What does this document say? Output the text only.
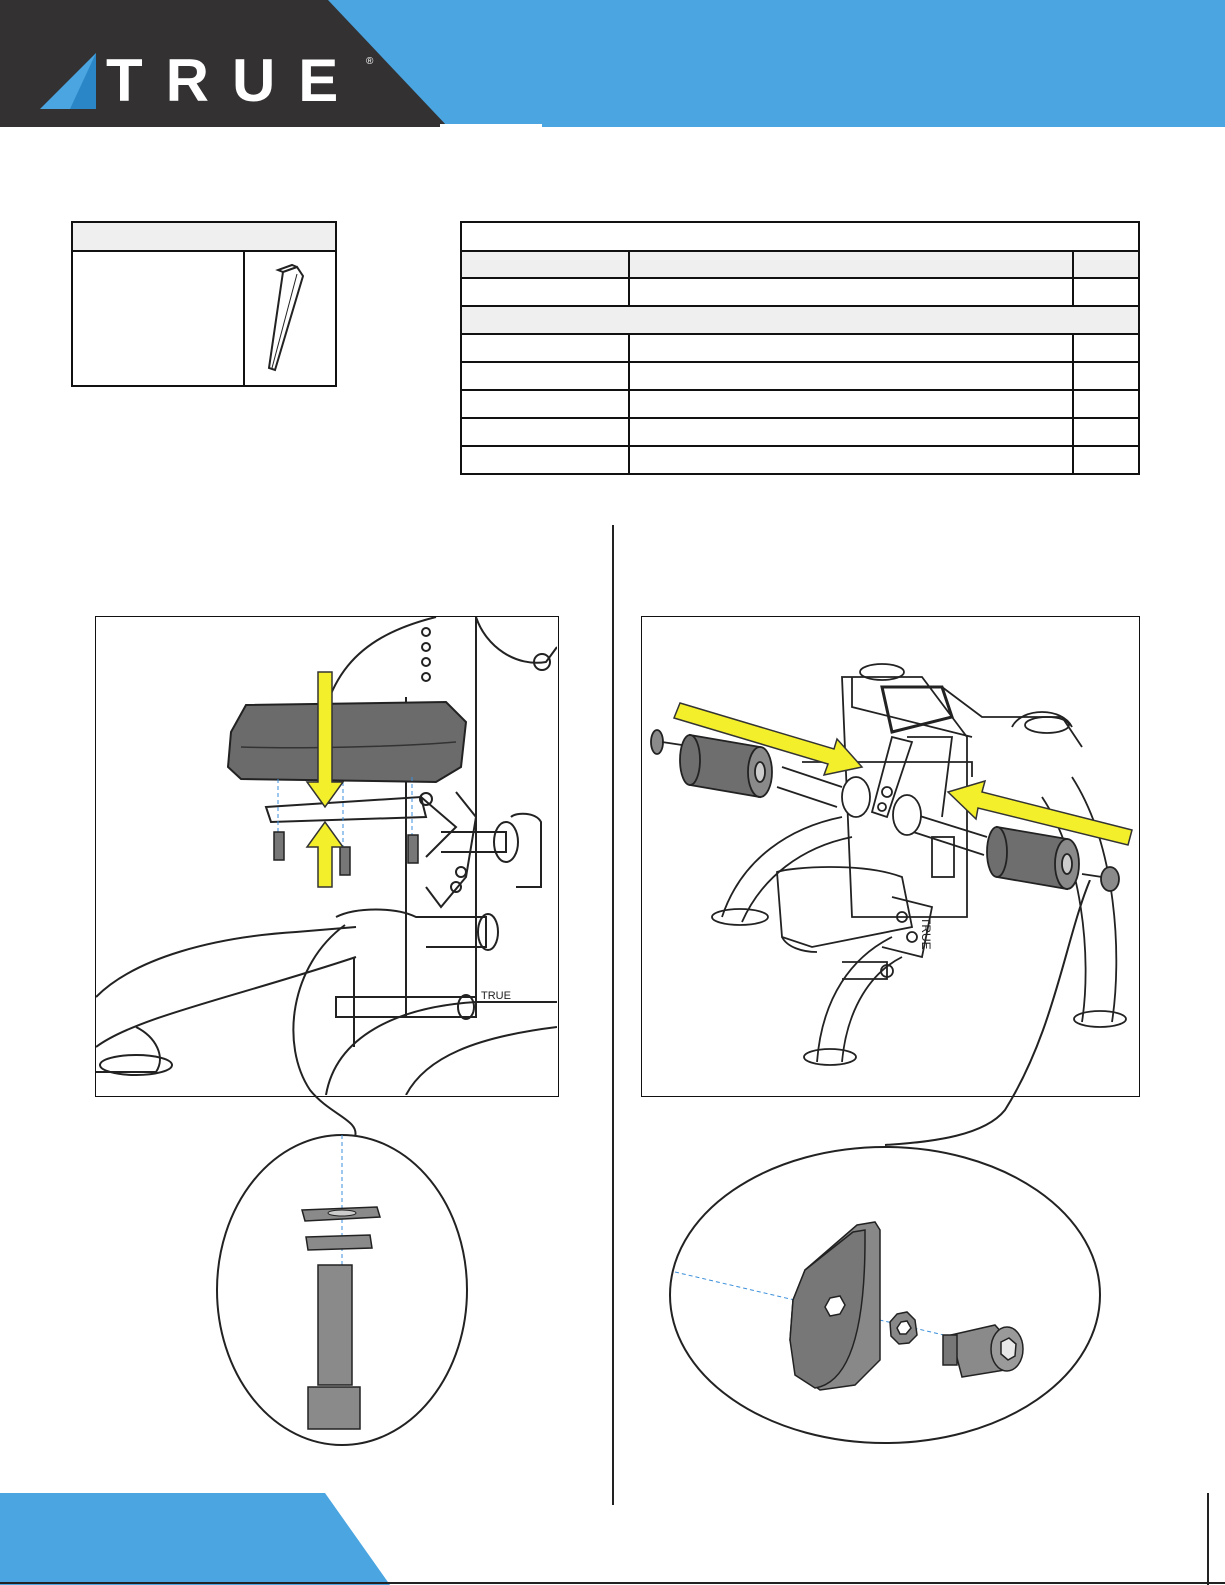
TRUE ®

TRUE
TRUE
